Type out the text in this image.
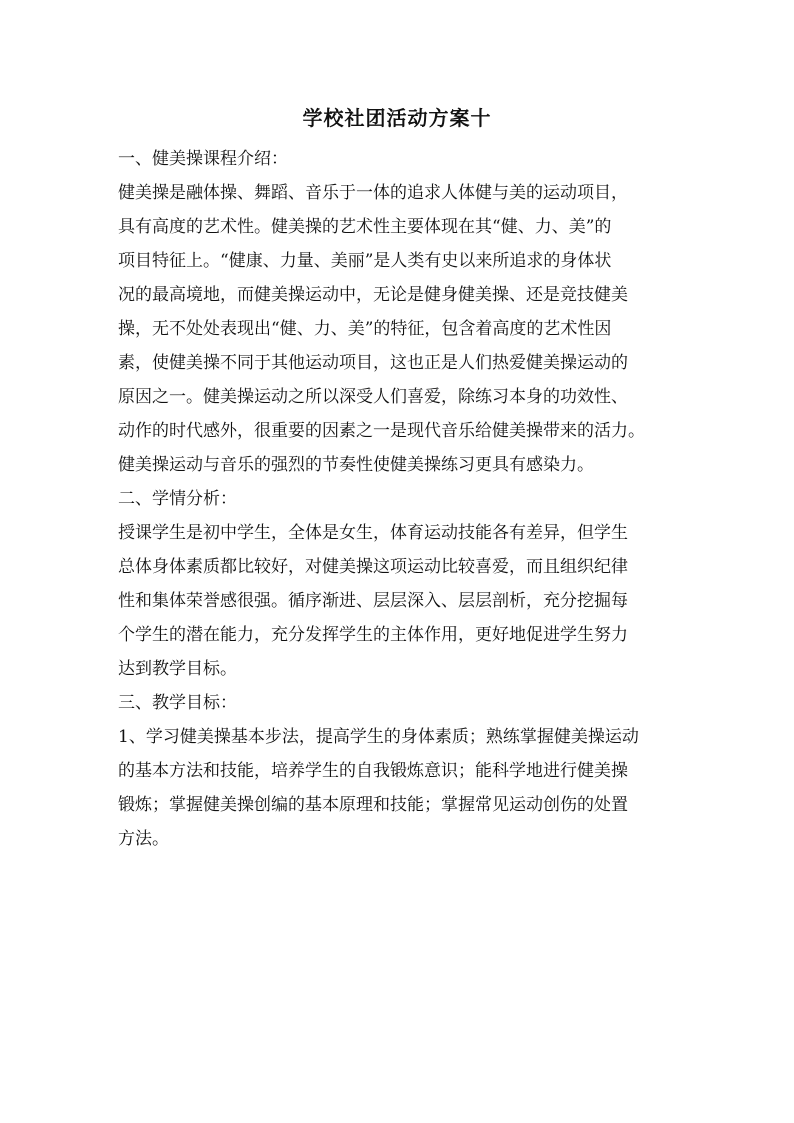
学校社团活动方案十
一、健美操课程介绍：

健美操是融体操、舞蹈、音乐于一体的追求人体健与美的运动项目，
具有高度的艺术性。健美操的艺术性主要体现在其“健、力、美”的
项目特征上。“健康、力量、美丽”是人类有史以来所追求的身体状
况的最高境地，而健美操运动中，无论是健身健美操、还是竞技健美
操，无不处处表现出“健、力、美”的特征，包含着高度的艺术性因
素，使健美操不同于其他运动项目，这也正是人们热爱健美操运动的
原因之一。健美操运动之所以深受人们喜爱，除练习本身的功效性、
动作的时代感外，很重要的因素之一是现代音乐给健美操带来的活力。
健美操运动与音乐的强烈的节奏性使健美操练习更具有感染力。

二、学情分析：

授课学生是初中学生，全体是女生，体育运动技能各有差异，但学生
总体身体素质都比较好，对健美操这项运动比较喜爱，而且组织纪律
性和集体荣誉感很强。循序渐进、层层深入、层层剖析，充分挖掘每
个学生的潜在能力，充分发挥学生的主体作用，更好地促进学生努力
达到教学目标。

三、教学目标：

1、学习健美操基本步法，提高学生的身体素质；熟练掌握健美操运动
的基本方法和技能，培养学生的自我锻炼意识；能科学地进行健美操
锻炼；掌握健美操创编的基本原理和技能；掌握常见运动创伤的处置
方法。
